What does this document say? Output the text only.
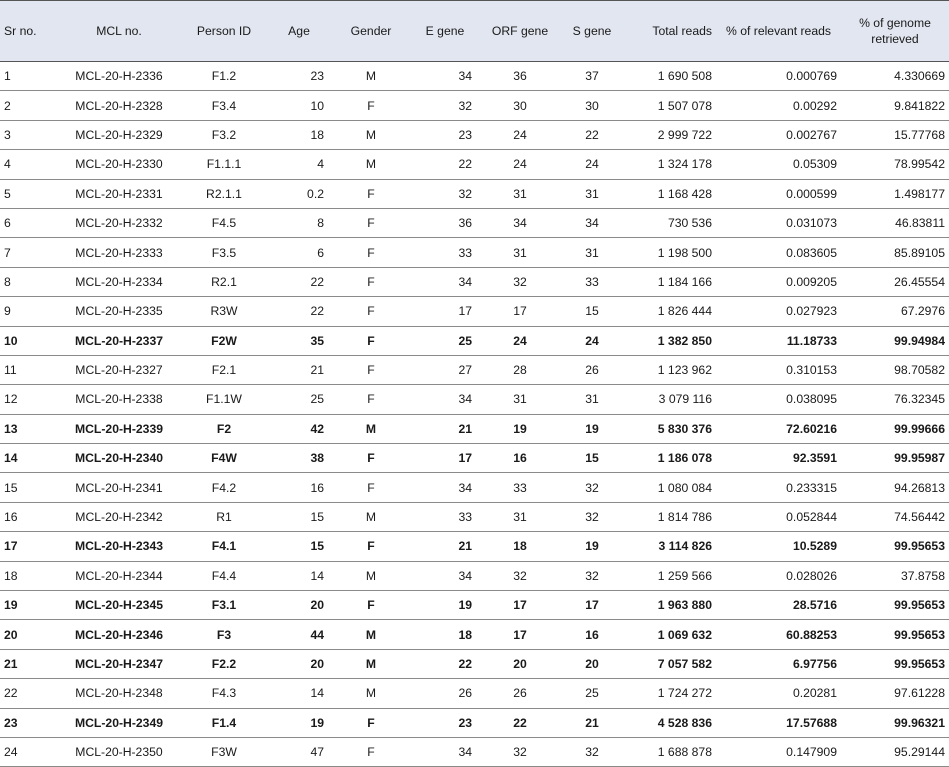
Sr no.	MCL no.	Person ID	Age	Gender	E gene	ORF gene	S gene	Total reads	% of relevant reads	% of genome retrieved
1	MCL-20-H-2336	F1.2	23	M	34	36	37	1 690 508	0.000769	4.330669
2	MCL-20-H-2328	F3.4	10	F	32	30	30	1 507 078	0.00292	9.841822
3	MCL-20-H-2329	F3.2	18	M	23	24	22	2 999 722	0.002767	15.77768
4	MCL-20-H-2330	F1.1.1	4	M	22	24	24	1 324 178	0.05309	78.99542
5	MCL-20-H-2331	R2.1.1	0.2	F	32	31	31	1 168 428	0.000599	1.498177
6	MCL-20-H-2332	F4.5	8	F	36	34	34	730 536	0.031073	46.83811
7	MCL-20-H-2333	F3.5	6	F	33	31	31	1 198 500	0.083605	85.89105
8	MCL-20-H-2334	R2.1	22	F	34	32	33	1 184 166	0.009205	26.45554
9	MCL-20-H-2335	R3W	22	F	17	17	15	1 826 444	0.027923	67.2976
10	MCL-20-H-2337	F2W	35	F	25	24	24	1 382 850	11.18733	99.94984
11	MCL-20-H-2327	F2.1	21	F	27	28	26	1 123 962	0.310153	98.70582
12	MCL-20-H-2338	F1.1W	25	F	34	31	31	3 079 116	0.038095	76.32345
13	MCL-20-H-2339	F2	42	M	21	19	19	5 830 376	72.60216	99.99666
14	MCL-20-H-2340	F4W	38	F	17	16	15	1 186 078	92.3591	99.95987
15	MCL-20-H-2341	F4.2	16	F	34	33	32	1 080 084	0.233315	94.26813
16	MCL-20-H-2342	R1	15	M	33	31	32	1 814 786	0.052844	74.56442
17	MCL-20-H-2343	F4.1	15	F	21	18	19	3 114 826	10.5289	99.95653
18	MCL-20-H-2344	F4.4	14	M	34	32	32	1 259 566	0.028026	37.8758
19	MCL-20-H-2345	F3.1	20	F	19	17	17	1 963 880	28.5716	99.95653
20	MCL-20-H-2346	F3	44	M	18	17	16	1 069 632	60.88253	99.95653
21	MCL-20-H-2347	F2.2	20	M	22	20	20	7 057 582	6.97756	99.95653
22	MCL-20-H-2348	F4.3	14	M	26	26	25	1 724 272	0.20281	97.61228
23	MCL-20-H-2349	F1.4	19	F	23	22	21	4 528 836	17.57688	99.96321
24	MCL-20-H-2350	F3W	47	F	34	32	32	1 688 878	0.147909	95.29144
